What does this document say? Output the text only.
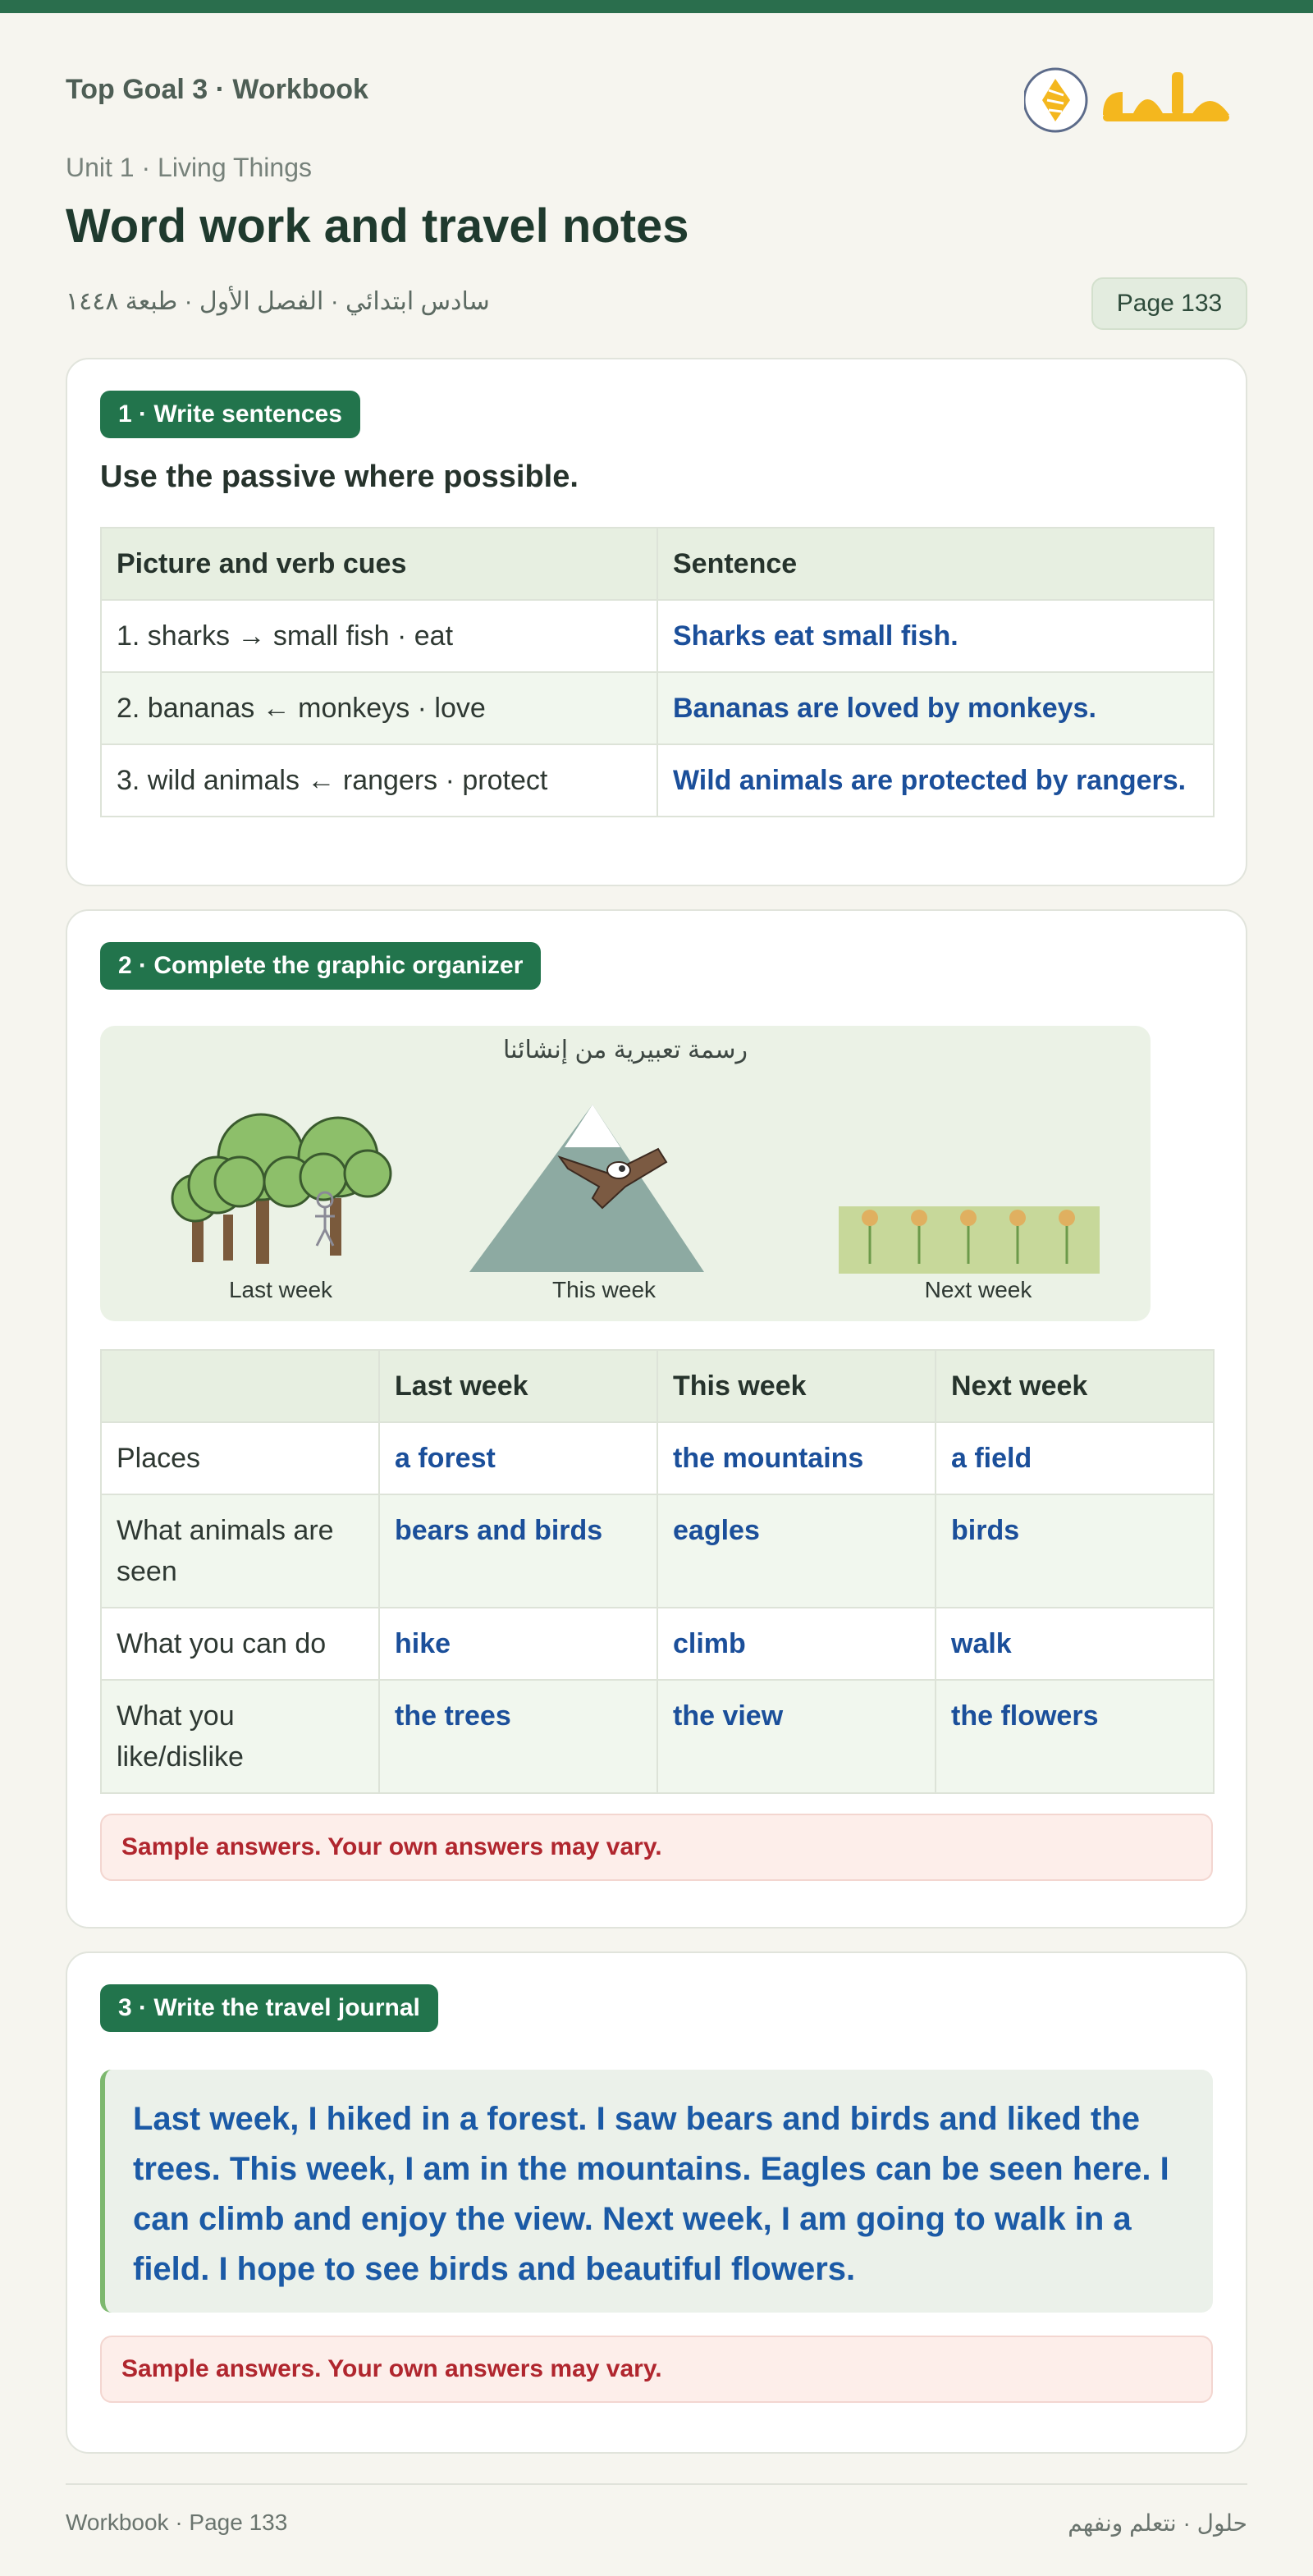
Top Goal 3 · Workbook
Unit 1 · Living Things
Word work and travel notes
سادس ابتدائي · الفصل الأول · طبعة ١٤٤٨	Page 133
1 · Write sentences
Use the passive where possible.
Picture and verb cues	Sentence
1. sharks → small fish · eat	Sharks eat small fish.
2. bananas ← monkeys · love	Bananas are loved by monkeys.
3. wild animals ← rangers · protect	Wild animals are protected by rangers.
2 · Complete the graphic organizer
رسمة تعبيرية من إنشائنا
Last week	This week	Next week
	Last week	This week	Next week
Places	a forest	the mountains	a field
What animals are seen	bears and birds	eagles	birds
What you can do	hike	climb	walk
What you like/dislike	the trees	the view	the flowers
Sample answers. Your own answers may vary.
3 · Write the travel journal
Last week, I hiked in a forest. I saw bears and birds and liked the trees. This week, I am in the mountains. Eagles can be seen here. I can climb and enjoy the view. Next week, I am going to walk in a field. I hope to see birds and beautiful flowers.
Sample answers. Your own answers may vary.
Workbook · Page 133	حلول · نتعلم ونفهم
